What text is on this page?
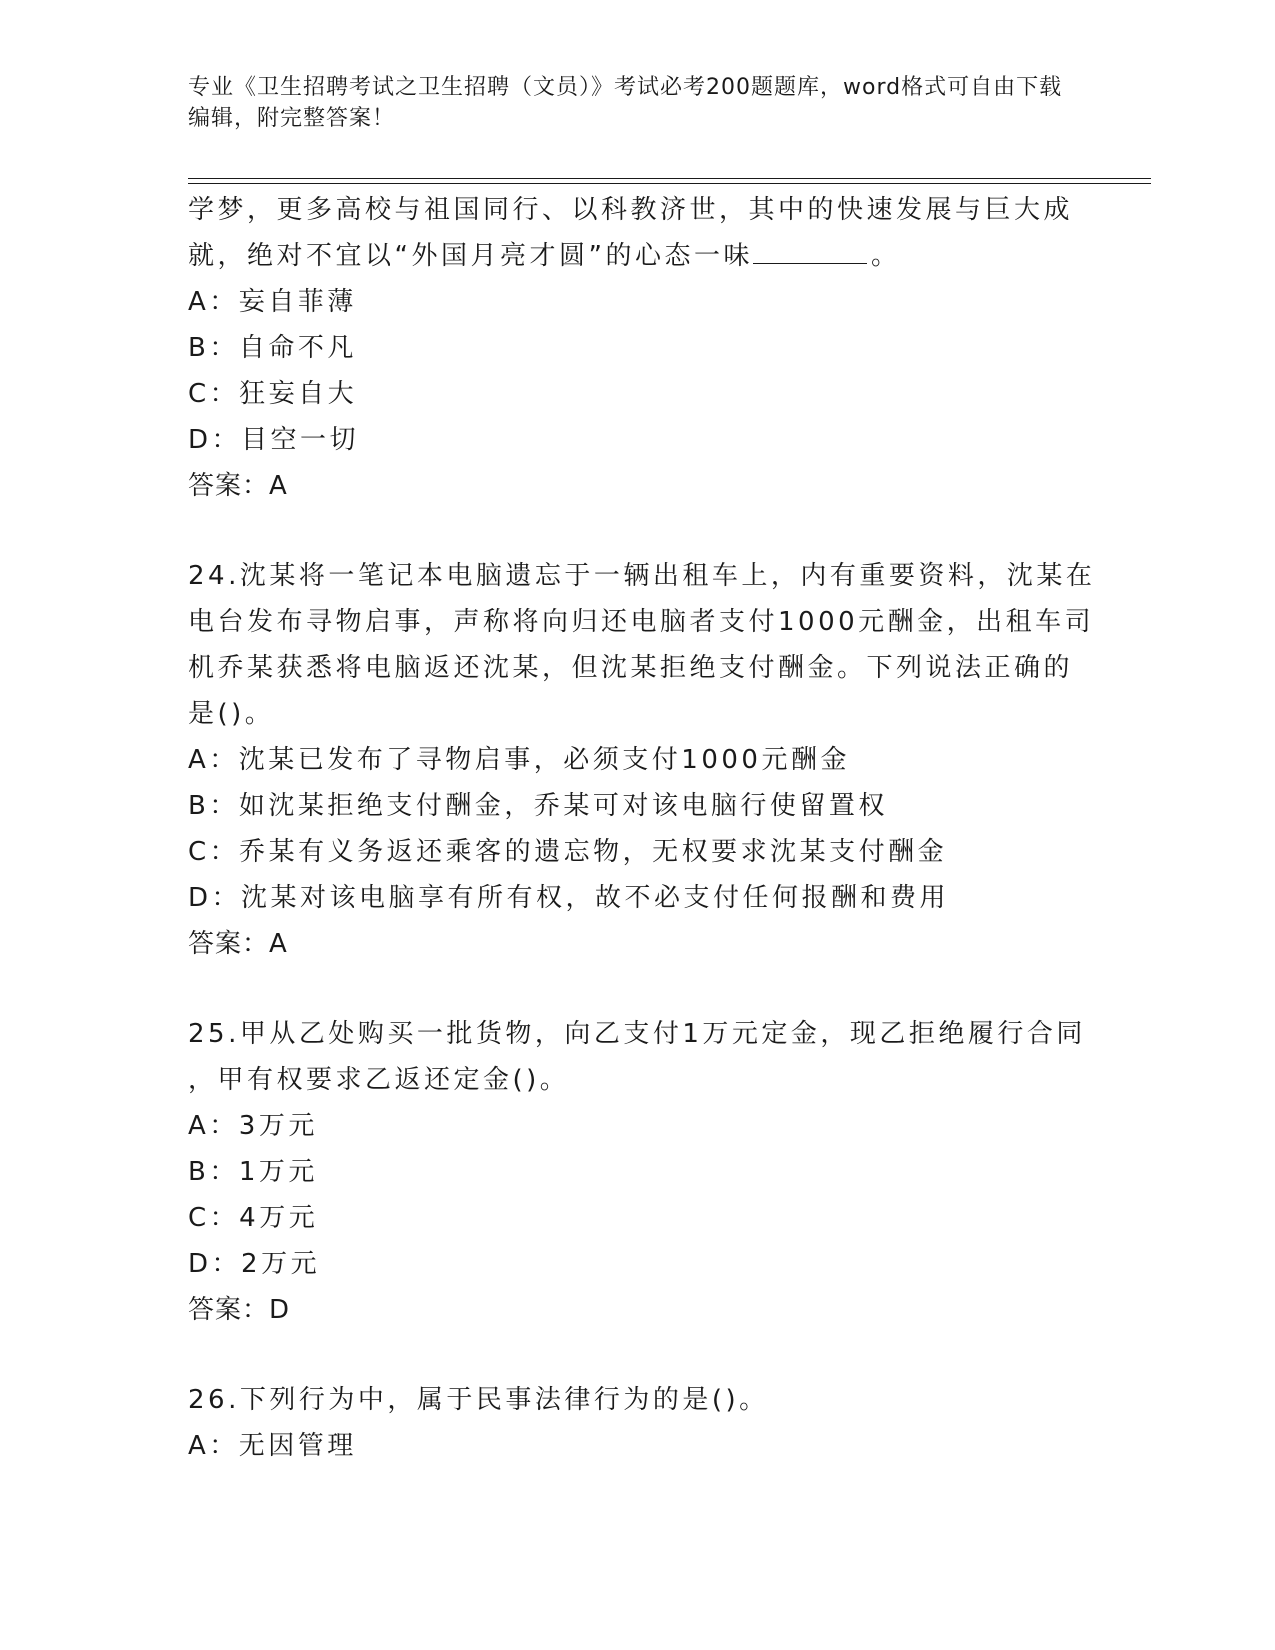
专业《卫生招聘考试之卫生招聘（文员）》考试必考200题题库，word格式可自由下载编辑，附完整答案！
学梦，更多高校与祖国同行、以科教济世，其中的快速发展与巨大成
就，绝对不宜以“外国月亮才圆”的心态一味	。
A：妄自菲薄
B：自命不凡
C：狂妄自大
D：目空一切
答案：A
24.沈某将一笔记本电脑遗忘于一辆出租车上，内有重要资料，沈某在
电台发布寻物启事，声称将向归还电脑者支付1000元酬金，出租车司
机乔某获悉将电脑返还沈某，但沈某拒绝支付酬金。下列说法正确的
是()。
A：沈某已发布了寻物启事，必须支付1000元酬金
B：如沈某拒绝支付酬金，乔某可对该电脑行使留置权
C：乔某有义务返还乘客的遗忘物，无权要求沈某支付酬金
D：沈某对该电脑享有所有权，故不必支付任何报酬和费用
答案：A
25.甲从乙处购买一批货物，向乙支付1万元定金，现乙拒绝履行合同
，甲有权要求乙返还定金()。
A：3万元
B：1万元
C：4万元
D：2万元
答案：D
26.下列行为中，属于民事法律行为的是()。
A：无因管理
